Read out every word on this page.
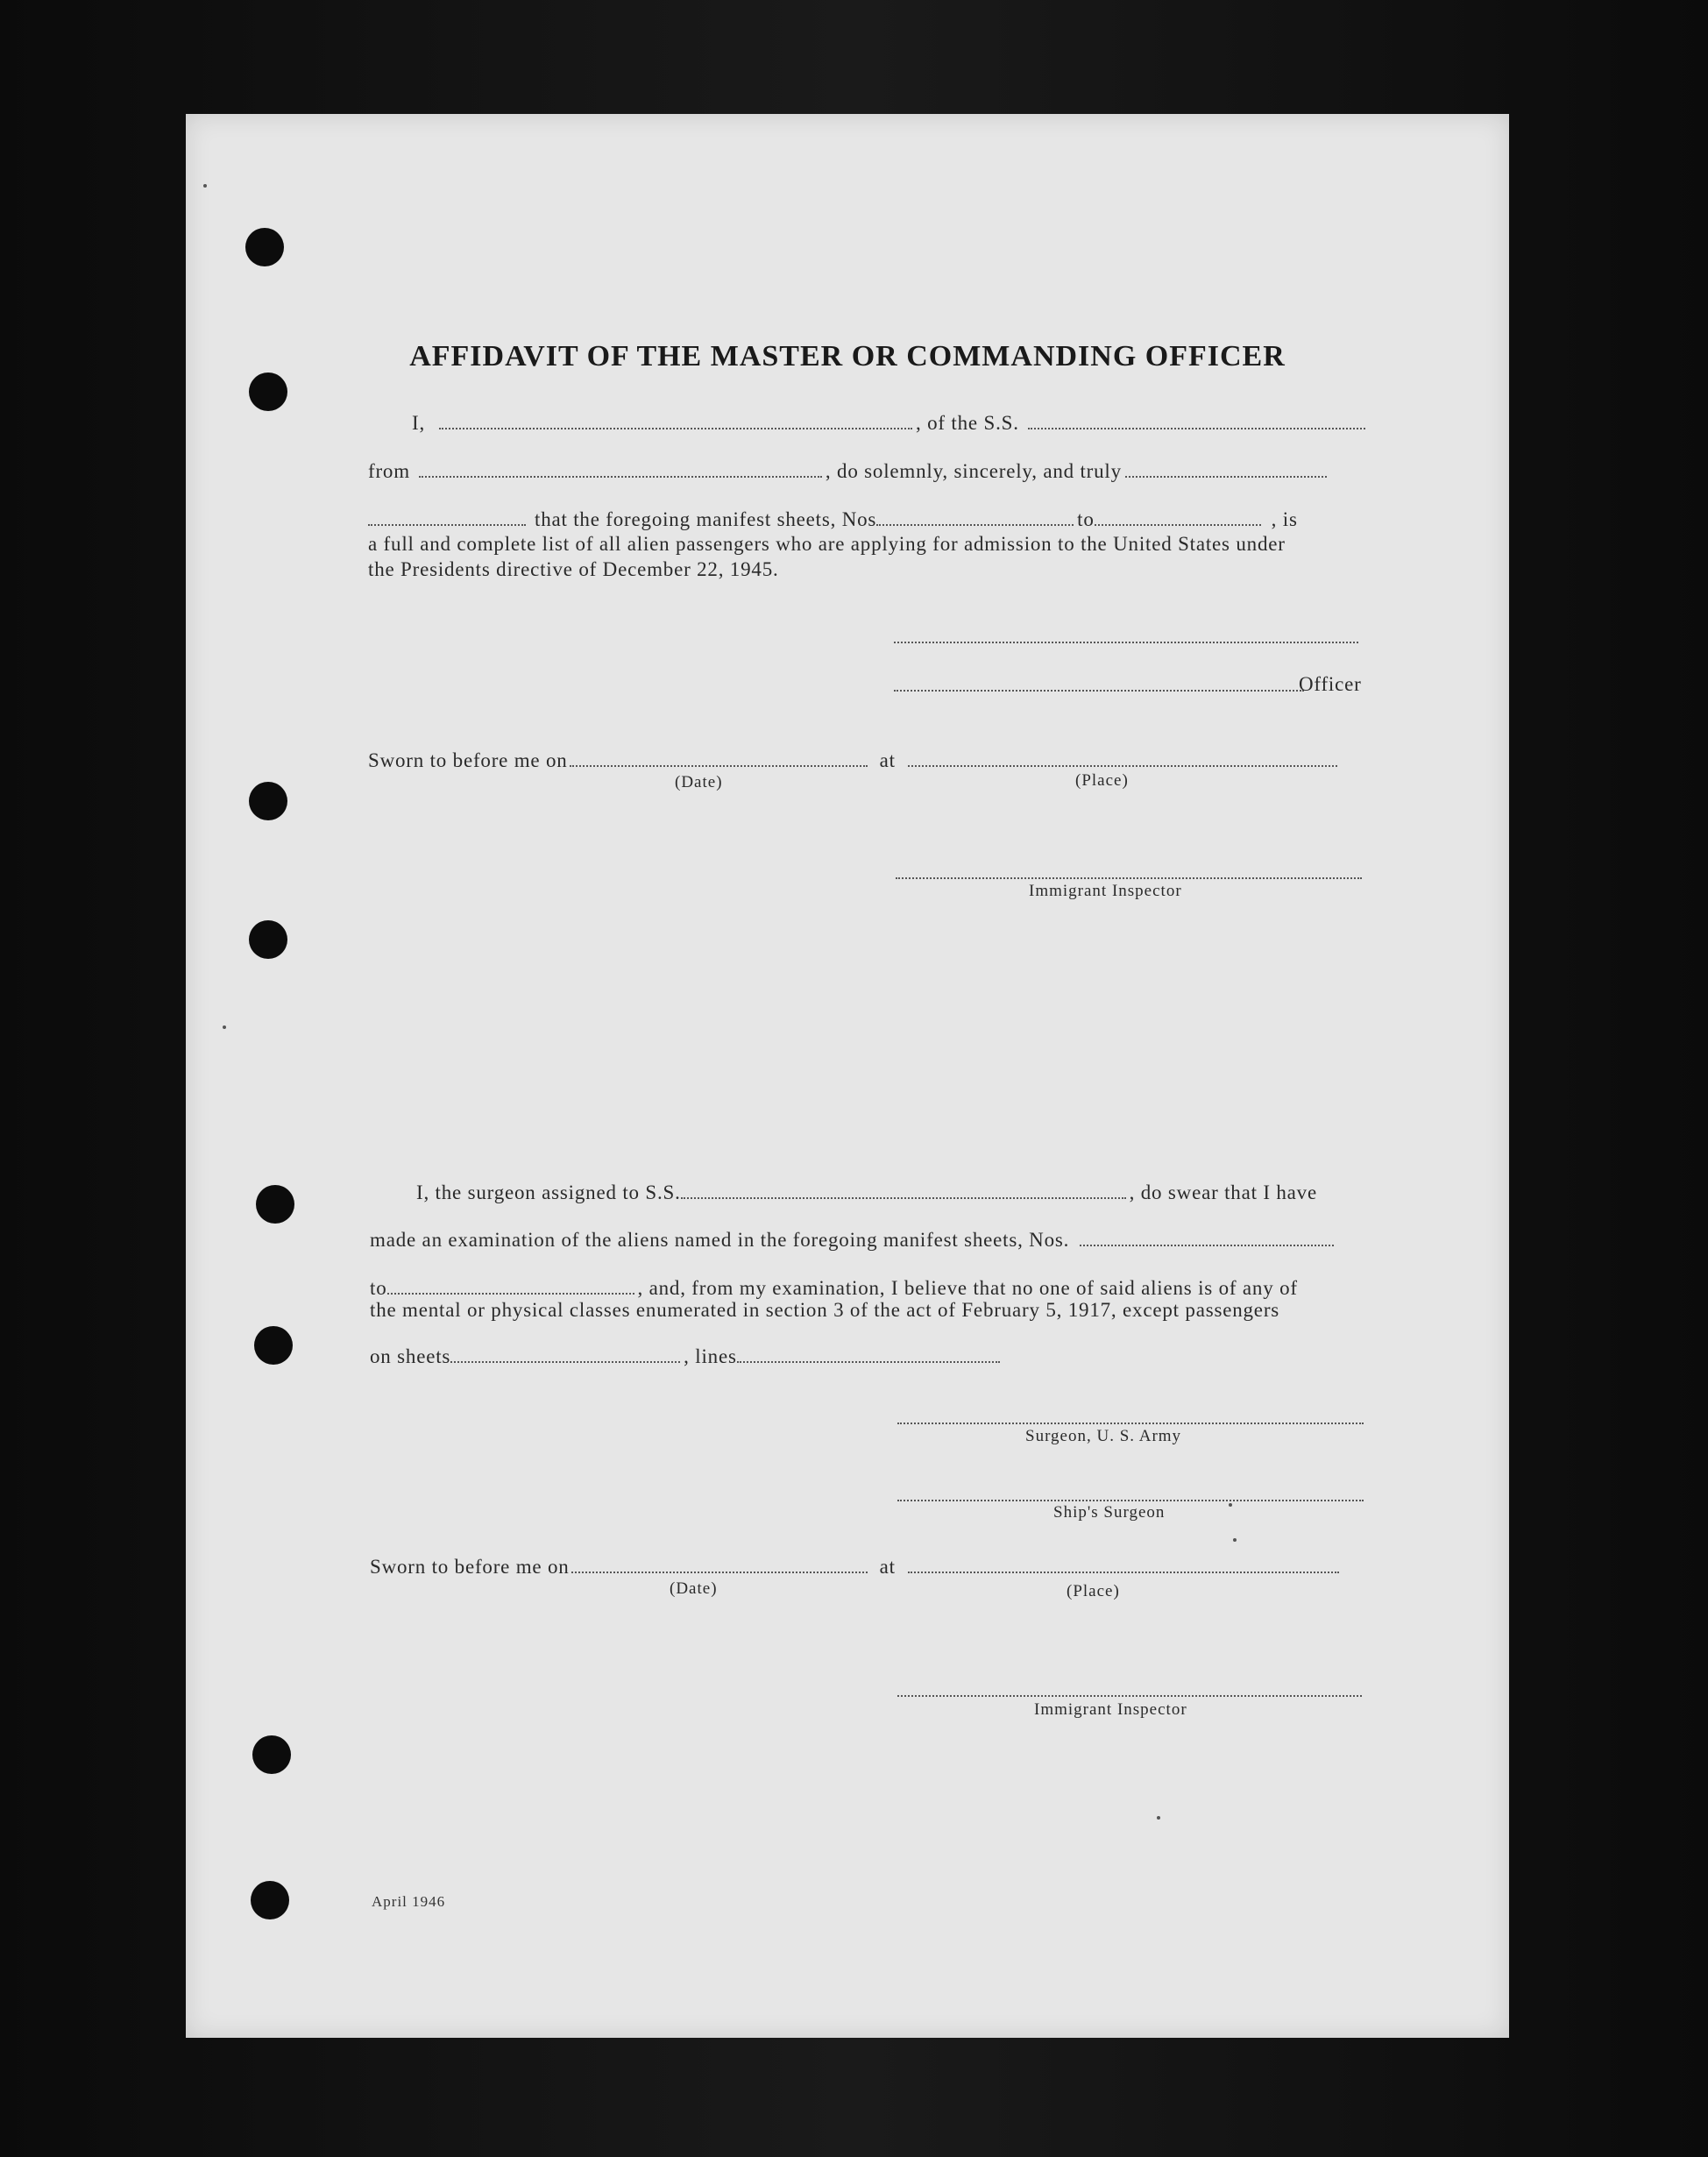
AFFIDAVIT OF THE MASTER OR COMMANDING OFFICER
I,	, of the S.S.
from	, do solemnly, sincerely, and truly
that the foregoing manifest sheets, Nos	to	, is
a full and complete list of all alien passengers who are applying for admission to the United States under
the Presidents directive of December 22, 1945.
Officer
Sworn to before me on	at
(Date)	(Place)
Immigrant Inspector
I, the surgeon assigned to S.S.	, do swear that I have
made an examination of the aliens named in the foregoing manifest sheets, Nos.
to	, and, from my examination, I believe that no one of said aliens is of any of
the mental or physical classes enumerated in section 3 of the act of February 5, 1917, except passengers
on sheets	, lines
Surgeon, U. S. Army
Ship's Surgeon
Sworn to before me on	at
(Date)	(Place)
Immigrant Inspector
April 1946
